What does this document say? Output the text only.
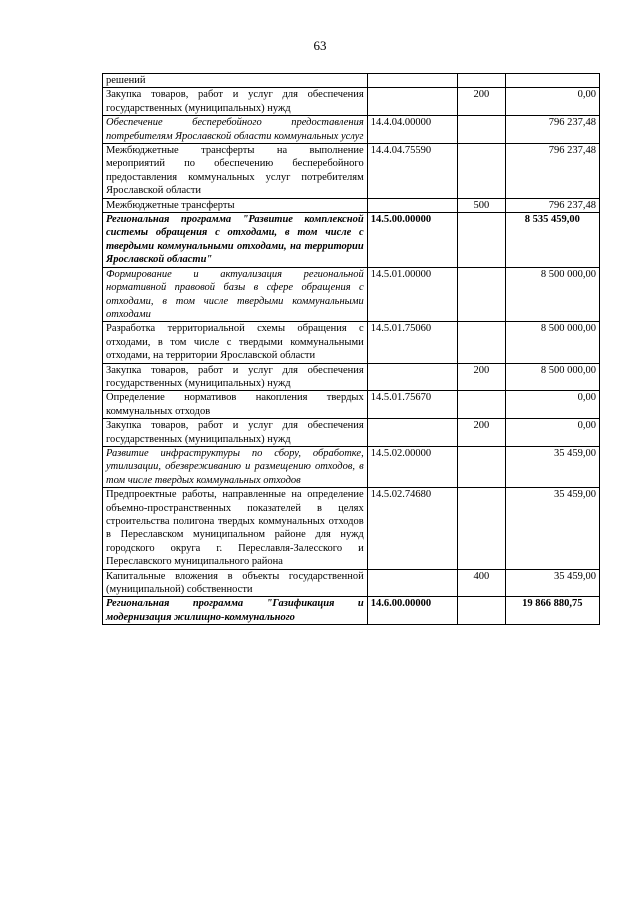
63
решений			
Закупка товаров, работ и услуг для обеспечения государственных (муниципальных) нужд		200	0,00
Обеспечение бесперебойного предоставления потребителям Ярославской области коммунальных услуг	14.4.04.00000		796 237,48
Межбюджетные трансферты на выполнение мероприятий по обеспечению бесперебойного предоставления коммунальных услуг потребителям Ярославской области	14.4.04.75590		796 237,48
Межбюджетные трансферты		500	796 237,48
Региональная программа "Развитие комплексной системы обращения с отходами, в том числе с твердыми коммунальными отходами, на территории Ярославской области"	14.5.00.00000		8 535 459,00
Формирование и актуализация региональной нормативной правовой базы в сфере обращения с отходами, в том числе твердыми коммунальными отходами	14.5.01.00000		8 500 000,00
Разработка территориальной схемы обращения с отходами, в том числе с твердыми коммунальными отходами, на территории Ярославской области	14.5.01.75060		8 500 000,00
Закупка товаров, работ и услуг для обеспечения государственных (муниципальных) нужд		200	8 500 000,00
Определение нормативов накопления твердых коммунальных отходов	14.5.01.75670		0,00
Закупка товаров, работ и услуг для обеспечения государственных (муниципальных) нужд		200	0,00
Развитие инфраструктуры по сбору, обработке, утилизации, обезвреживанию и размещению отходов, в том числе твердых коммунальных отходов	14.5.02.00000		35 459,00
Предпроектные работы, направленные на определение объемно-пространственных показателей в целях строительства полигона твердых коммунальных отходов в Переславском муниципальном районе для нужд городского округа г. Переславля-Залесского и Переславского муниципального района	14.5.02.74680		35 459,00
Капитальные вложения в объекты государственной (муниципальной) собственности		400	35 459,00
Региональная программа "Газификация и модернизация жилищно-коммунального	14.6.00.00000		19 866 880,75
